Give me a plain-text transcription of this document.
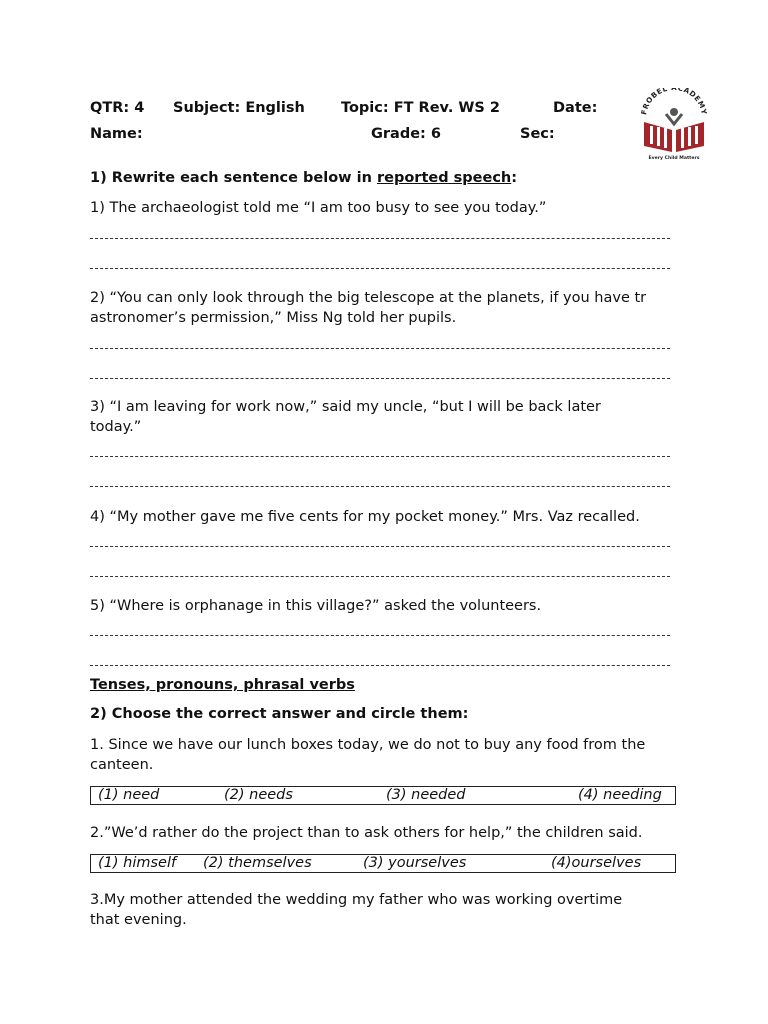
QTR: 4 Subject: English Topic: FT Rev. WS 2	Date:
Name:	Grade: 6	Sec:
FROBEL CADEMY
Every Child Matters
1) Rewrite each sentence below in reported speech:
1) The archaeologist told me “I am too busy to see you today.”
2) “You can only look through the big telescope at the planets, if you have tr
astronomer’s permission,” Miss Ng told her pupils.
3) “I am leaving for work now,” said my uncle, “but I will be back later
today.”
4) “My mother gave me five cents for my pocket money.” Mrs. Vaz recalled.
5) “Where is orphanage in this village?” asked the volunteers.
Tenses, pronouns, phrasal verbs
2) Choose the correct answer and circle them:
1. Since we have our lunch boxes today, we do not to buy any food from the
canteen.
(1) need	(2) needs	(3) needed	(4) needing
2.”We’d rather do the project than to ask others for help,” the children said.
(1) himself (2) themselves	(3) yourselves	(4)ourselves
3.My mother attended the wedding my father who was working overtime
that evening.
